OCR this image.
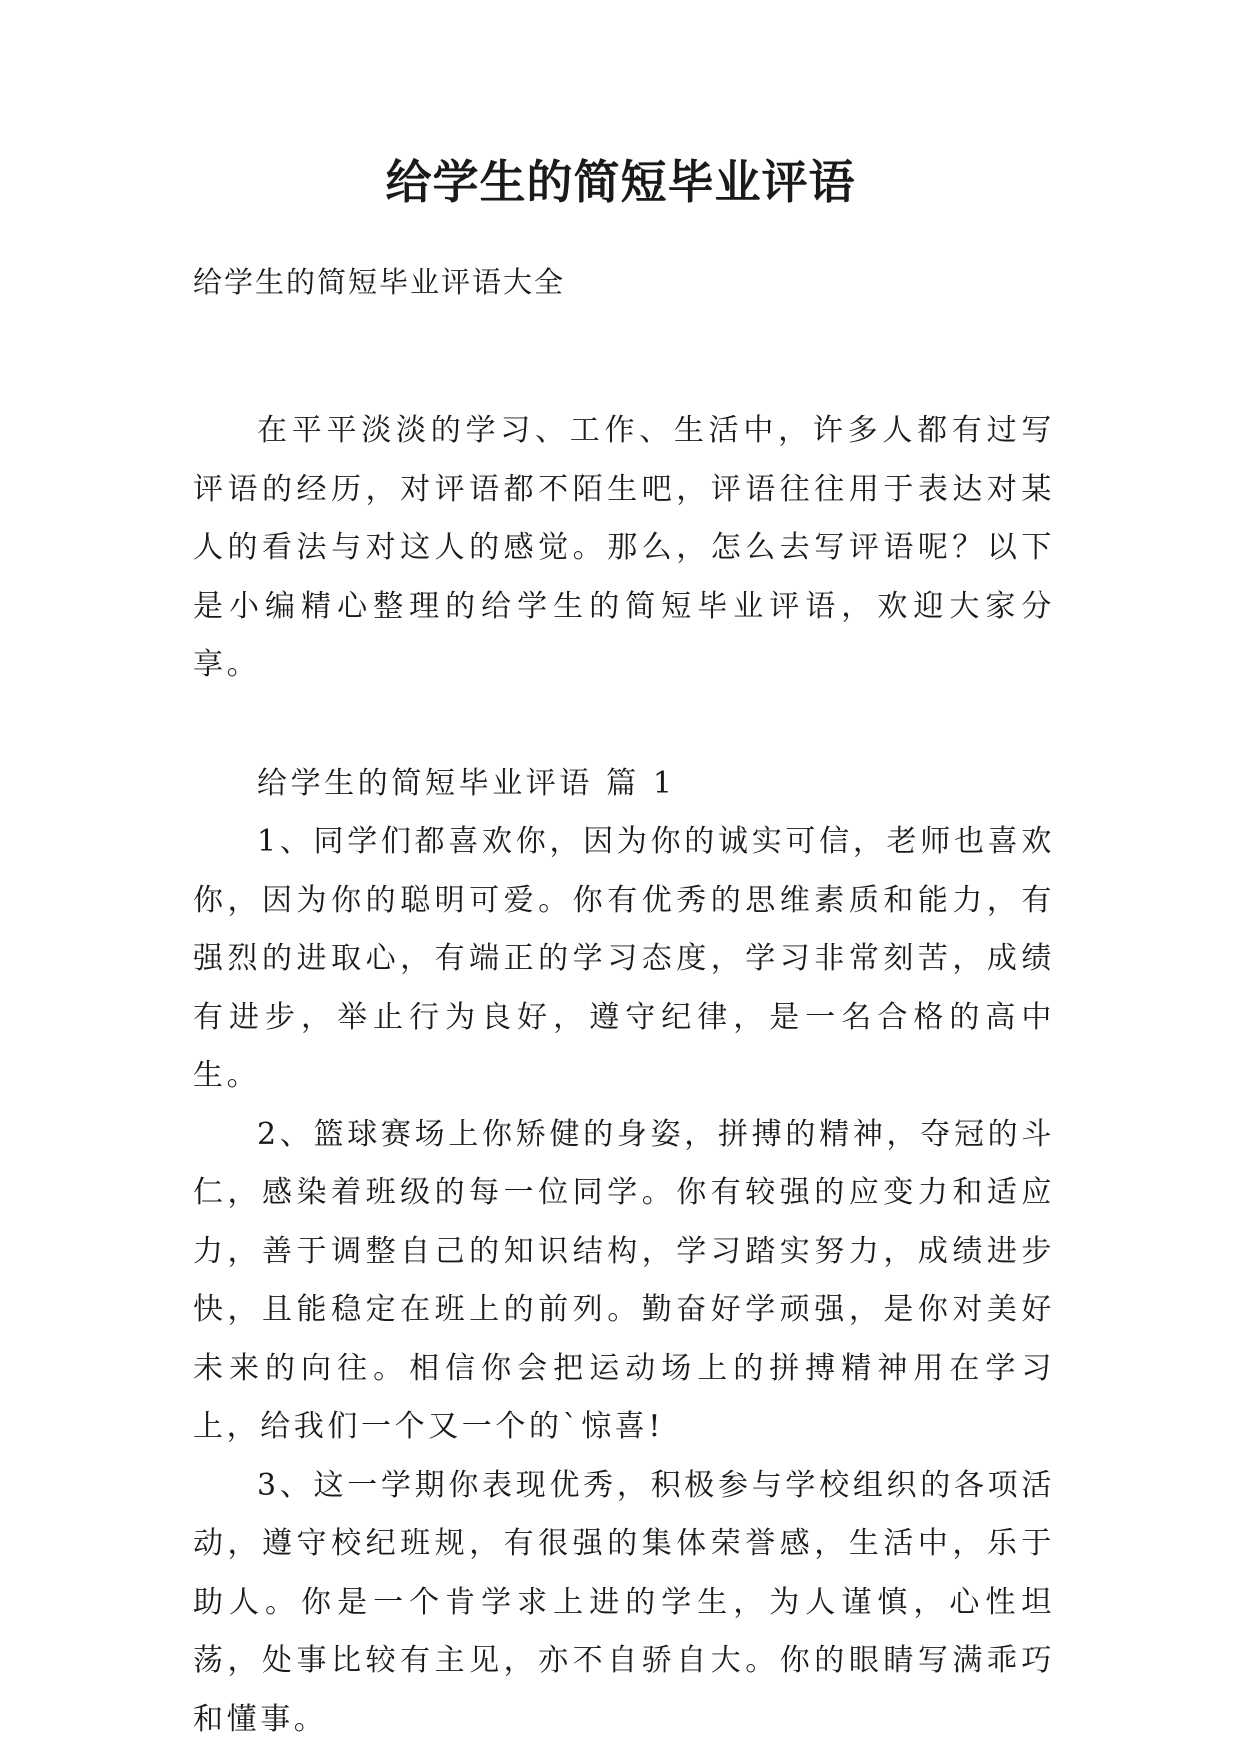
给学生的简短毕业评语
给学生的简短毕业评语大全

在平平淡淡的学习、工作、生活中，许多人都有过写评语的经历，对评语都不陌生吧，评语往往用于表达对某人的看法与对这人的感觉。那么，怎么去写评语呢？以下是小编精心整理的给学生的简短毕业评语，欢迎大家分享。

给学生的简短毕业评语 篇 1

1、同学们都喜欢你，因为你的诚实可信，老师也喜欢你，因为你的聪明可爱。你有优秀的思维素质和能力，有强烈的进取心，有端正的学习态度，学习非常刻苦，成绩有进步，举止行为良好，遵守纪律，是一名合格的高中生。

2、篮球赛场上你矫健的身姿，拼搏的精神，夺冠的斗仁，感染着班级的每一位同学。你有较强的应变力和适应力，善于调整自己的知识结构，学习踏实努力，成绩进步快，且能稳定在班上的前列。勤奋好学顽强，是你对美好未来的向往。相信你会把运动场上的拼搏精神用在学习上，给我们一个又一个的`惊喜!

3、这一学期你表现优秀，积极参与学校组织的各项活动，遵守校纪班规，有很强的集体荣誉感，生活中，乐于助人。你是一个肯学求上进的学生，为人谨慎，心性坦荡，处事比较有主见，亦不自骄自大。你的眼睛写满乖巧和懂事。
